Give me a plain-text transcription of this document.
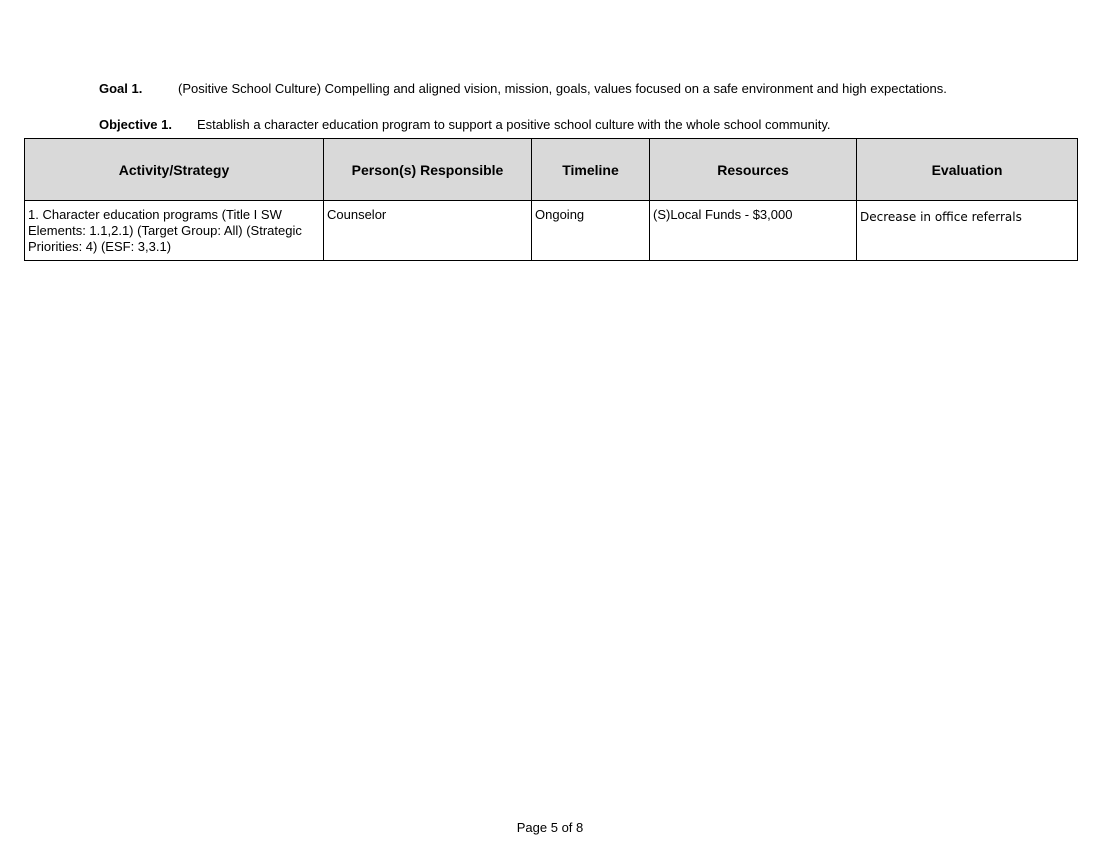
Goal 1.	(Positive School Culture) Compelling and aligned vision, mission, goals, values focused on a safe environment and high expectations.
Objective 1. Establish a character education program to support a positive school culture with the whole school community.
Activity/Strategy	Person(s) Responsible	Timeline	Resources	Evaluation
1. Character education programs (Title I SW Elements: 1.1,2.1) (Target Group: All) (Strategic Priorities: 4) (ESF: 3,3.1)	Counselor	Ongoing	(S)Local Funds - $3,000	Decrease in office referrals
Page 5 of 8
